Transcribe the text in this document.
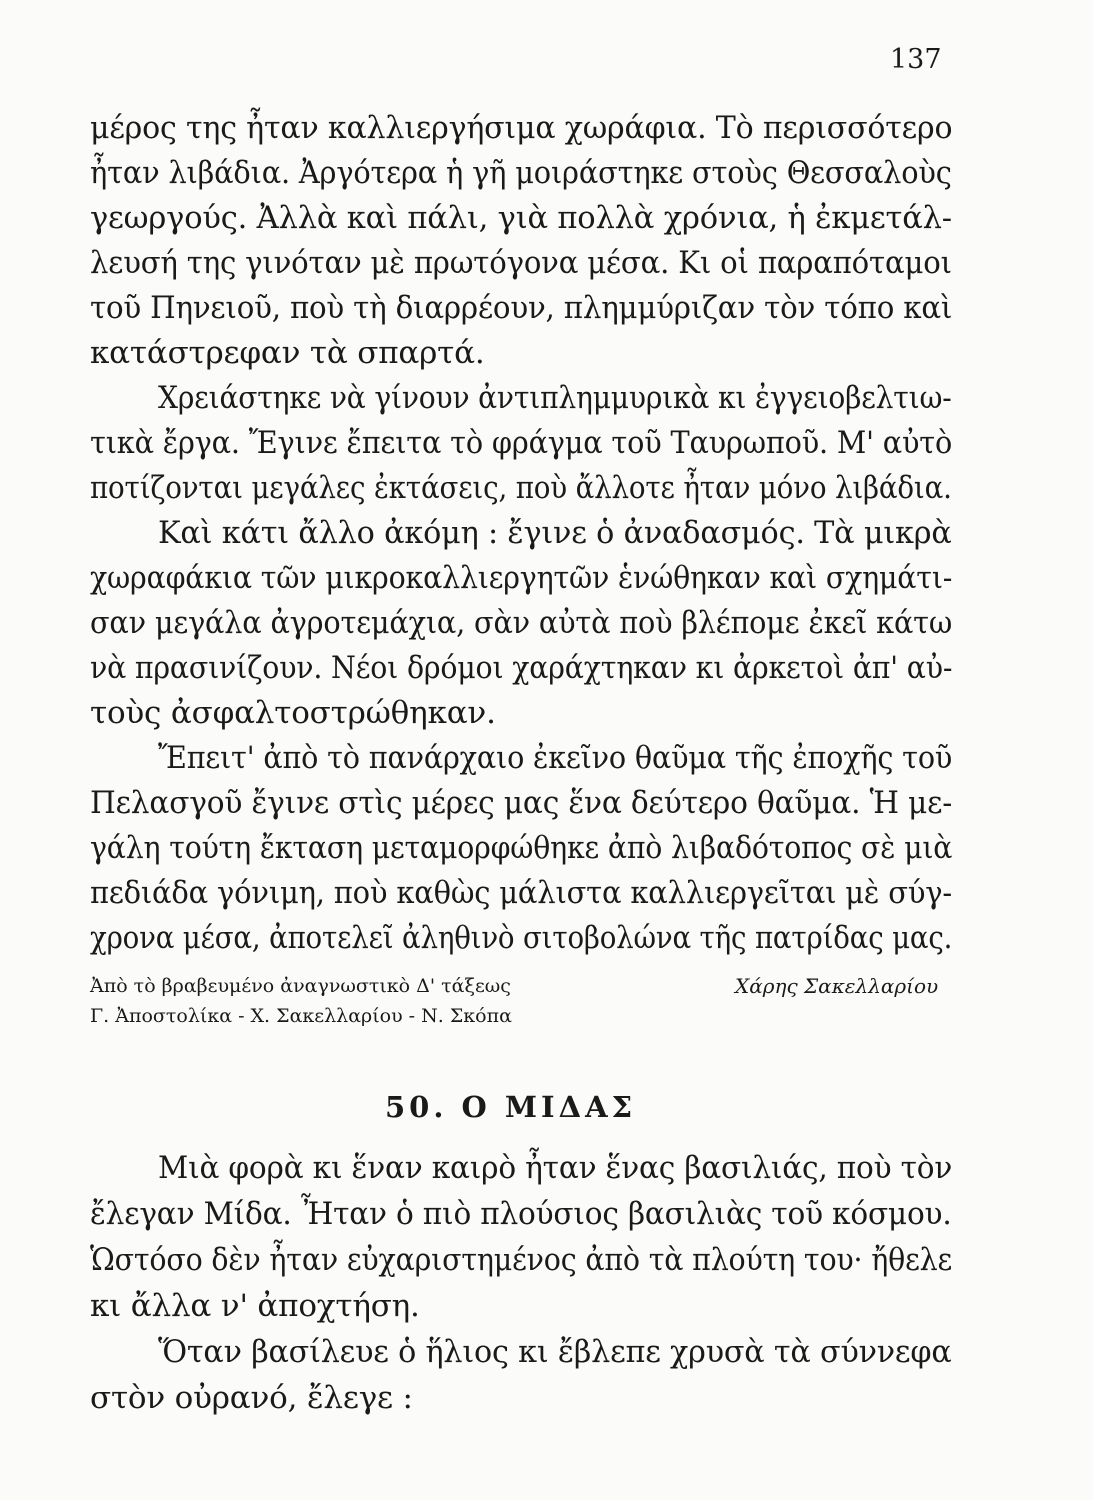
137
μέρος της ἦταν καλλιεργήσιμα χωράφια. Τὸ περισσότερο
ἦταν λιβάδια. Ἀργότερα ἡ γῆ μοιράστηκε στοὺς Θεσσαλοὺς
γεωργούς. Ἀλλὰ καὶ πάλι, γιὰ πολλὰ χρόνια, ἡ ἐκμετάλ-
λευσή της γινόταν μὲ πρωτόγονα μέσα. Κι οἱ παραπόταμοι
τοῦ Πηνειοῦ, ποὺ τὴ διαρρέουν, πλημμύριζαν τὸν τόπο καὶ
κατάστρεφαν τὰ σπαρτά.
Χρειάστηκε νὰ γίνουν ἀντιπλημμυρικὰ κι ἐγγειοβελτιω-
τικὰ ἔργα. Ἔγινε ἔπειτα τὸ φράγμα τοῦ Ταυρωποῦ. Μ' αὐτὸ
ποτίζονται μεγάλες ἐκτάσεις, ποὺ ἄλλοτε ἦταν μόνο λιβάδια.
Καὶ κάτι ἄλλο ἀκόμη : ἔγινε ὁ ἀναδασμός. Τὰ μικρὰ
χωραφάκια τῶν μικροκαλλιεργητῶν ἑνώθηκαν καὶ σχημάτι-
σαν μεγάλα ἀγροτεμάχια, σὰν αὐτὰ ποὺ βλέπομε ἐκεῖ κάτω
νὰ πρασινίζουν. Νέοι δρόμοι χαράχτηκαν κι ἀρκετοὶ ἀπ' αὐ-
τοὺς ἀσφαλτοστρώθηκαν.
Ἔπειτ' ἀπὸ τὸ πανάρχαιο ἐκεῖνο θαῦμα τῆς ἐποχῆς τοῦ
Πελασγοῦ ἔγινε στὶς μέρες μας ἕνα δεύτερο θαῦμα. Ἡ με-
γάλη τούτη ἔκταση μεταμορφώθηκε ἀπὸ λιβαδότοπος σὲ μιὰ
πεδιάδα γόνιμη, ποὺ καθὼς μάλιστα καλλιεργεῖται μὲ σύγ-
χρονα μέσα, ἀποτελεῖ ἀληθινὸ σιτοβολώνα τῆς πατρίδας μας.
Ἀπὸ τὸ βραβευμένο ἀναγνωστικὸ Δ' τάξεως
Γ. Ἀποστολίκα - Χ. Σακελλαρίου - Ν. Σκόπα
Χάρης Σακελλαρίου
50. Ο ΜΙΔΑΣ
Μιὰ φορὰ κι ἕναν καιρὸ ἦταν ἕνας βασιλιάς, ποὺ τὸν
ἔλεγαν Μίδα. Ἦταν ὁ πιὸ πλούσιος βασιλιὰς τοῦ κόσμου.
Ὡστόσο δὲν ἦταν εὐχαριστημένος ἀπὸ τὰ πλούτη του· ἤθελε
κι ἄλλα ν' ἀποχτήση.
Ὅταν βασίλευε ὁ ἥλιος κι ἔβλεπε χρυσὰ τὰ σύννεφα
στὸν οὐρανό, ἔλεγε :
